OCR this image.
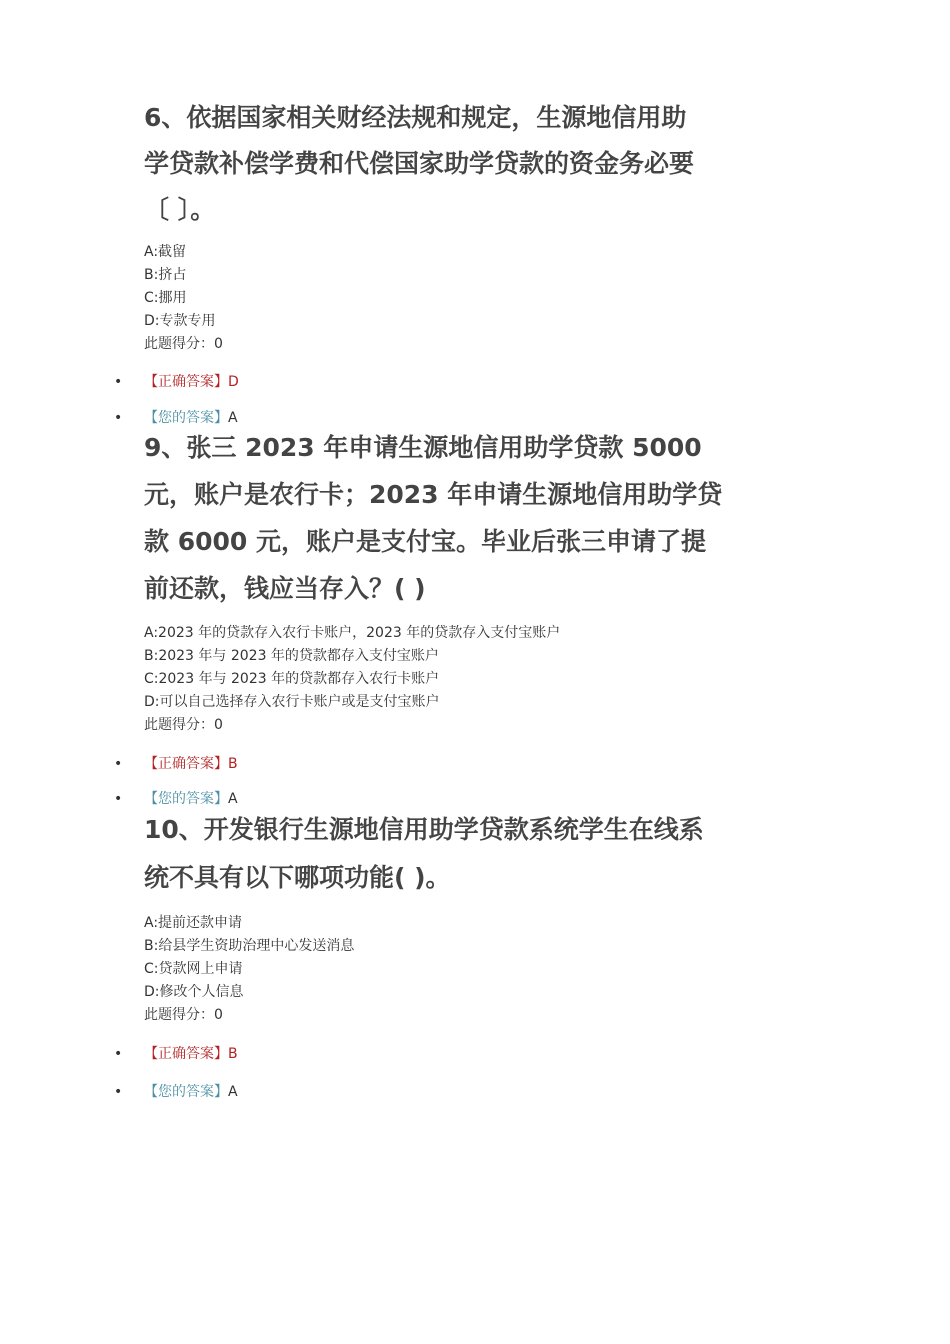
6、依据国家相关财经法规和规定，生源地信用助
学贷款补偿学费和代偿国家助学贷款的资金务必要
〔 〕。
A:截留
B:挤占
C:挪用
D:专款专用
此题得分：0
• 【正确答案】D
• 【您的答案】A
9、张三 2023 年申请生源地信用助学贷款 5000
元，账户是农行卡；2023 年申请生源地信用助学贷
款 6000 元，账户是支付宝。毕业后张三申请了提
前还款，钱应当存入？( )
A:2023 年的贷款存入农行卡账户，2023 年的贷款存入支付宝账户
B:2023 年与 2023 年的贷款都存入支付宝账户
C:2023 年与 2023 年的贷款都存入农行卡账户
D:可以自己选择存入农行卡账户或是支付宝账户
此题得分：0
• 【正确答案】B
• 【您的答案】A
10、开发银行生源地信用助学贷款系统学生在线系
统不具有以下哪项功能( )。
A:提前还款申请
B:给县学生资助治理中心发送消息
C:贷款网上申请
D:修改个人信息
此题得分：0
• 【正确答案】B
• 【您的答案】A
